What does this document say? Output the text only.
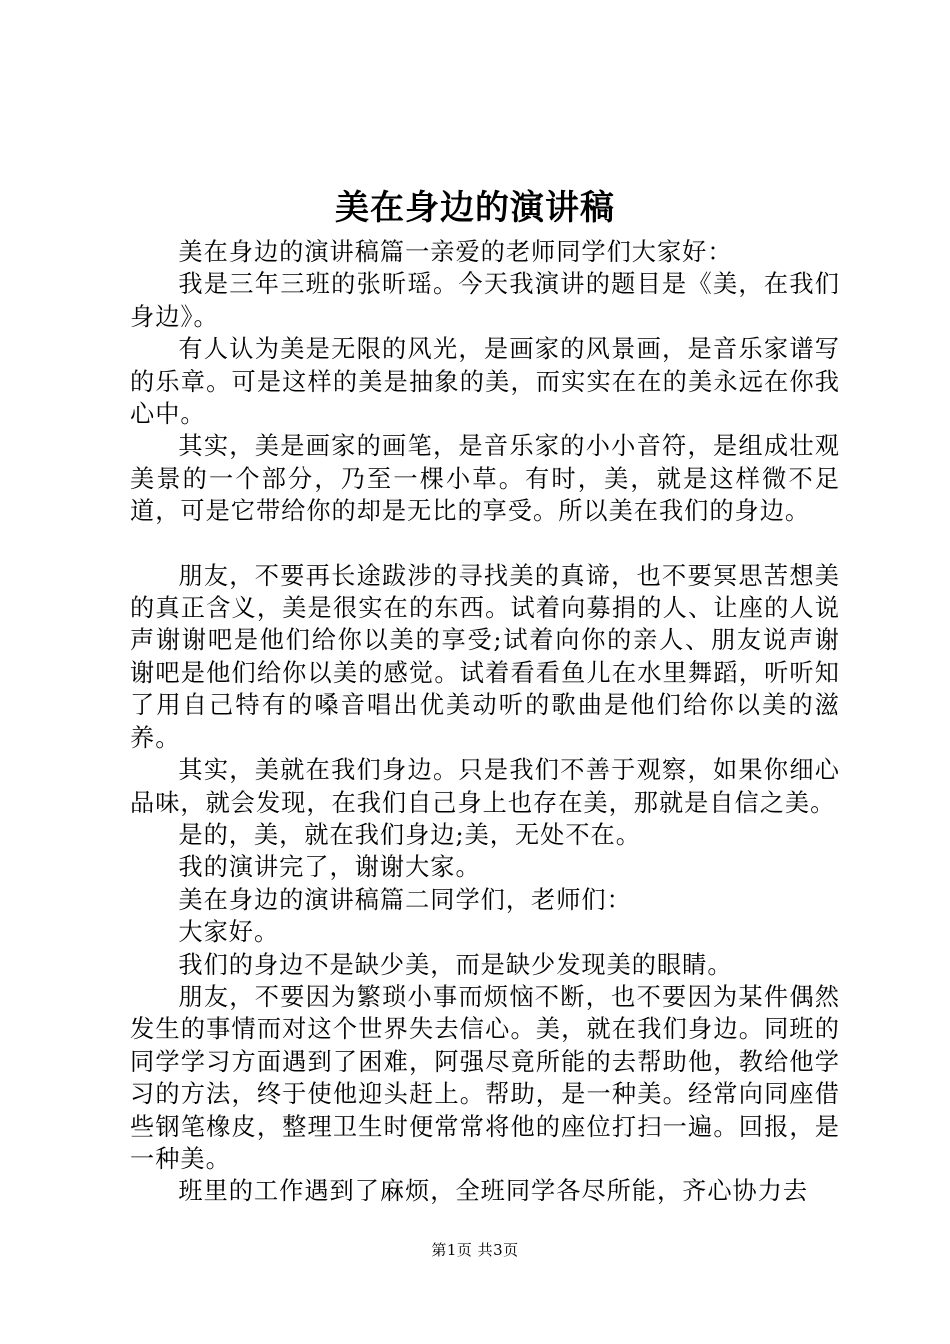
美在身边的演讲稿

美在身边的演讲稿篇一亲爱的老师同学们大家好：

我是三年三班的张昕瑶。今天我演讲的题目是《美，在我们身边》。

有人认为美是无限的风光，是画家的风景画，是音乐家谱写的乐章。可是这样的美是抽象的美，而实实在在的美永远在你我心中。

其实，美是画家的画笔，是音乐家的小小音符，是组成壮观美景的一个部分，乃至一棵小草。有时，美，就是这样微不足道，可是它带给你的却是无比的享受。所以美在我们的身边。

朋友，不要再长途跋涉的寻找美的真谛，也不要冥思苦想美的真正含义，美是很实在的东西。试着向募捐的人、让座的人说声谢谢吧是他们给你以美的享受;试着向你的亲人、朋友说声谢谢吧是他们给你以美的感觉。试着看看鱼儿在水里舞蹈，听听知了用自己特有的嗓音唱出优美动听的歌曲是他们给你以美的滋养。

其实，美就在我们身边。只是我们不善于观察，如果你细心品味，就会发现，在我们自己身上也存在美，那就是自信之美。

是的，美，就在我们身边;美，无处不在。

我的演讲完了，谢谢大家。

美在身边的演讲稿篇二同学们，老师们：

大家好。

我们的身边不是缺少美，而是缺少发现美的眼睛。

朋友，不要因为繁琐小事而烦恼不断，也不要因为某件偶然发生的事情而对这个世界失去信心。美，就在我们身边。同班的同学学习方面遇到了困难，阿强尽竟所能的去帮助他，教给他学习的方法，终于使他迎头赶上。帮助，是一种美。经常向同座借些钢笔橡皮，整理卫生时便常常将他的座位打扫一遍。回报，是一种美。

班里的工作遇到了麻烦，全班同学各尽所能，齐心协力去

第1页 共3页
